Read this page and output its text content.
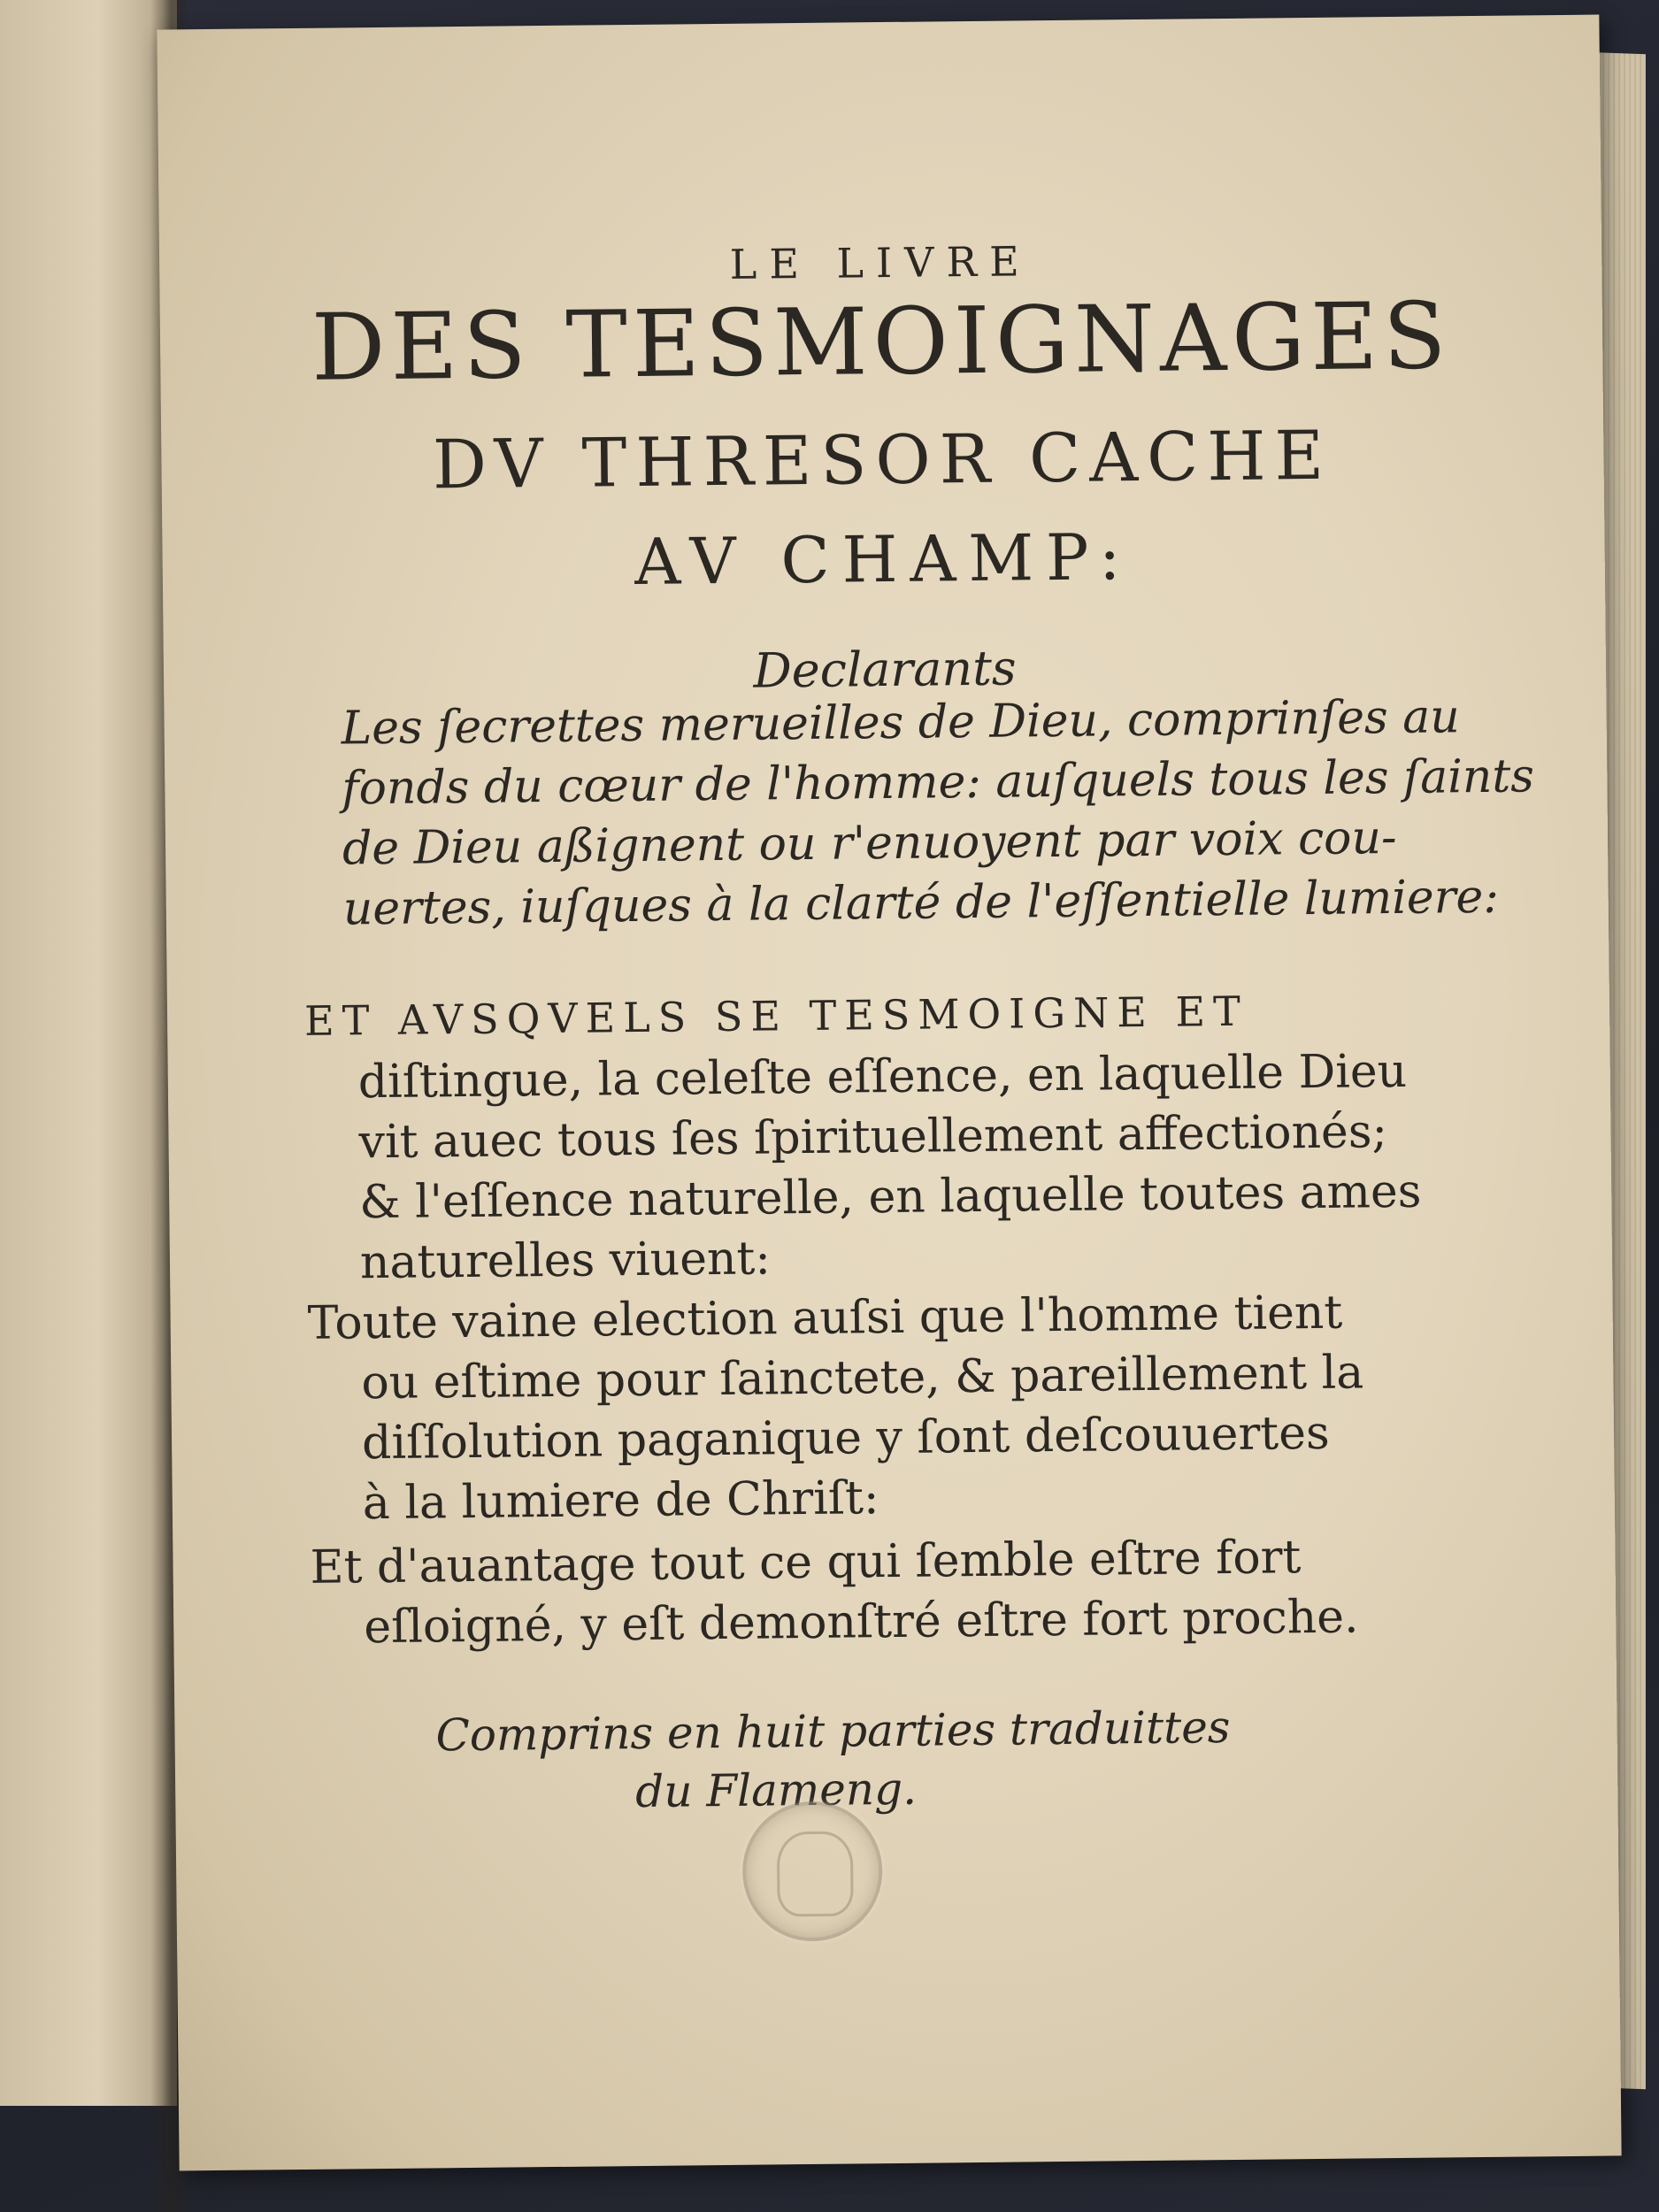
LE LIVRE
DES TESMOIGNAGES
DV THRESOR CACHE
AV CHAMP:
Declarants
Les ſecrettes merueilles de Dieu, comprinſes au
fonds du cœur de l'homme: auſquels tous les ſaints
de Dieu aßignent ou r'enuoyent par voix cou-
uertes, iuſques à la clarté de l'eſſentielle lumiere:
ET AVSQVELS SE TESMOIGNE ET
diſtingue, la celeſte eſſence, en laquelle Dieu
vit auec tous ſes ſpirituellement affectionés;
& l'eſſence naturelle, en laquelle toutes ames
naturelles viuent:
Toute vaine election auſsi que l'homme tient
ou eſtime pour ſainctete, & pareillement la
diſſolution paganique y ſont deſcouuertes
à la lumiere de Chriſt:
Et d'auantage tout ce qui ſemble eſtre fort
eſloigné, y eſt demonſtré eſtre fort proche.
Comprins en huit parties traduittes
du Flameng.
